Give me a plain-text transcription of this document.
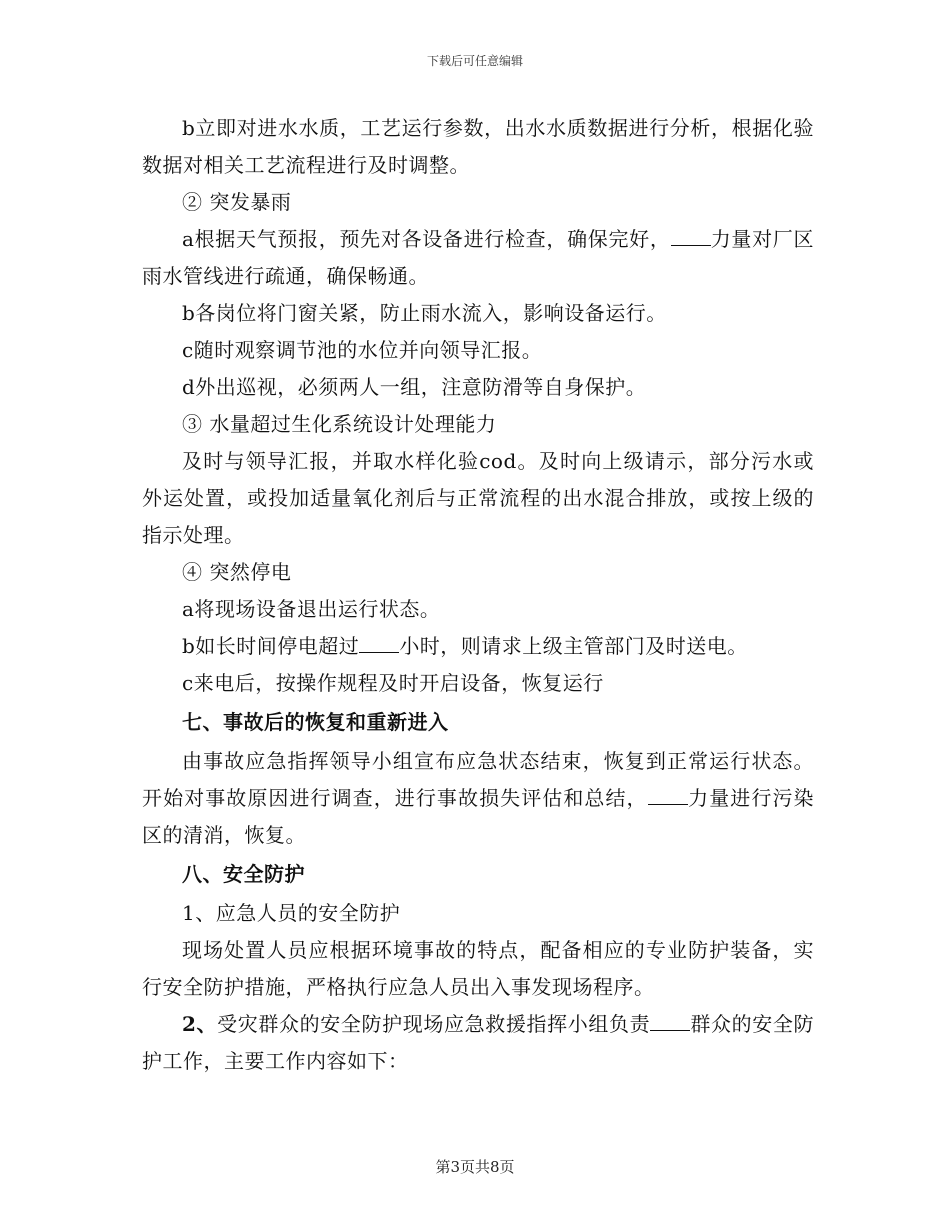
下载后可任意编辑

b立即对进水水质，工艺运行参数，出水水质数据进行分析，根据化验数据对相关工艺流程进行及时调整。

② 突发暴雨

a根据天气预报，预先对各设备进行检查，确保完好， 力量对厂区雨水管线进行疏通，确保畅通。

b各岗位将门窗关紧，防止雨水流入，影响设备运行。

c随时观察调节池的水位并向领导汇报。

d外出巡视，必须两人一组，注意防滑等自身保护。

③ 水量超过生化系统设计处理能力

及时与领导汇报，并取水样化验cod。及时向上级请示，部分污水或外运处置，或投加适量氧化剂后与正常流程的出水混合排放，或按上级的指示处理。

④ 突然停电

a将现场设备退出运行状态。

b如长时间停电超过 小时，则请求上级主管部门及时送电。

c来电后，按操作规程及时开启设备，恢复运行

七、事故后的恢复和重新进入

由事故应急指挥领导小组宣布应急状态结束，恢复到正常运行状态。开始对事故原因进行调查，进行事故损失评估和总结， 力量进行污染区的清消，恢复。

八、安全防护

1、应急人员的安全防护

现场处置人员应根据环境事故的特点，配备相应的专业防护装备，实行安全防护措施，严格执行应急人员出入事发现场程序。

2、受灾群众的安全防护现场应急救援指挥小组负责 群众的安全防护工作，主要工作内容如下：

第3页共8页
